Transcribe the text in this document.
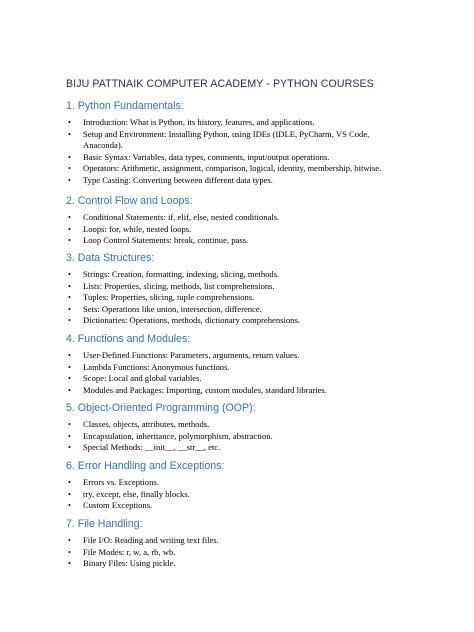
BIJU PATTNAIK COMPUTER ACADEMY - PYTHON COURSES
1. Python Fundamentals:
• Introduction: What is Python, its history, features, and applications.
• Setup and Environment: Installing Python, using IDEs (IDLE, PyCharm, VS Code, Anaconda).
• Basic Syntax: Variables, data types, comments, input/output operations.
• Operators: Arithmetic, assignment, comparison, logical, identity, membership, bitwise.
• Type Casting: Converting between different data types.
2. Control Flow and Loops:
• Conditional Statements: if, elif, else, nested conditionals.
• Loops: for, while, nested loops.
• Loop Control Statements: break, continue, pass.
3. Data Structures:
• Strings: Creation, formatting, indexing, slicing, methods.
• Lists: Properties, slicing, methods, list comprehensions.
• Tuples: Properties, slicing, tuple comprehensions.
• Sets: Operations like union, intersection, difference.
• Dictionaries: Operations, methods, dictionary comprehensions.
4. Functions and Modules:
• User-Defined Functions: Parameters, arguments, return values.
• Lambda Functions: Anonymous functions.
• Scope: Local and global variables.
• Modules and Packages: Importing, custom modules, standard libraries.
5. Object-Oriented Programming (OOP):
• Classes, objects, attributes, methods.
• Encapsulation, inheritance, polymorphism, abstraction.
• Special Methods: __init__, __str__, etc.
6. Error Handling and Exceptions:
• Errors vs. Exceptions.
• try, except, else, finally blocks.
• Custom Exceptions.
7. File Handling:
• File I/O: Reading and writing text files.
• File Modes: r, w, a, rb, wb.
• Binary Files: Using pickle.
